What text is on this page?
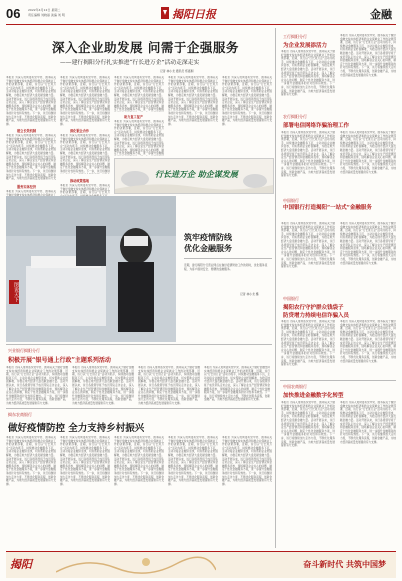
06	2022年4月12日 星期二
责任编辑 刘晓丽 美编 刘 明	揭阳日报	金融
深入企业助发展 问需于企强服务
——建行揭阳分行扎实推进“行长进万企”活动走深走实
记者 林小龙 通讯员 郑嘉桐
本报讯 为深入贯彻落实党中央、国务院关于做好金融支持实体经济和稳企业保就业工作的决策部署，近期，该行以“行长进万企”活动为抓手，持续推动金融服务下沉，主动对接企业融资需求，切实帮助企业纾困解难，为稳定地方经济大盘贡献金融力量。活动开展以来，该行各级领导班子成员带队走访企业，深入了解企业生产经营情况和金融服务需求，现场解答企业关心的问题，制定个性化金融服务方案，进一步提升金融服务的针对性和有效性。下一步，该行将继续加大走访力度，不断优化服务流程，创新金融产品，为地方经济高质量发展提供有力支撑。
建立长效机制
本报讯 为深入贯彻落实党中央、国务院关于做好金融支持实体经济和稳企业保就业工作的决策部署，近期，该行以“行长进万企”活动为抓手，持续推动金融服务下沉，主动对接企业融资需求，切实帮助企业纾困解难，为稳定地方经济大盘贡献金融力量。活动开展以来，该行各级领导班子成员带队走访企业，深入了解企业生产经营情况和金融服务需求，现场解答企业关心的问题，制定个性化金融服务方案，进一步提升金融服务的针对性和有效性。下一步，该行将继续加大走访力度，不断优化服务流程，创新金融产品，为地方经济高质量发展提供有力支
服务实体经济
本报讯 为深入贯彻落实党中央、国务院关
本报讯 为深入贯彻落实党中央、国务院关于做好金融支持实体经济和稳企业保就业工作的决策部署，近期，该行以“行长进万企”活动为抓手，持续推动金融服务下沉，主动对接企业融资需求，切实帮助企业纾困解难，为稳定地方经济大盘贡献金融力量。活动开展以来，该行各级领导班子成员带队走访企业，深入了解企业生产经营情况和金融服务需求，现场解答企业关心的问题，制定个性化金融服务方案，进一步提升金融服务的针对性和有效性。下一步，该行将继续加大走访力度，不断优化服务流程，创新金融产品，为地方经济高质量发展提供有力支撑。
深化银企合作
本报讯 为深入贯彻落实党中央、国务院关于做好金融支持实体经济和稳企业保就业工作的决策部署，近期，该行以“行长进万企”活动为抓手，持续推动金融服务下沉，主动对接企业融资需求，切实帮助企业纾困解难，为稳定地方经济大盘贡献金融力量。活动开展以来，该行各级领导班子成员带队走访企业，深入了解企业生产经营情况和金融服务需求，现场解答企业关心的问题，制定个性化金融服务方案，进一步提升金融服务的针对性和有效性。下一步，该行将继续
推动政策落地
本报讯 为深入贯彻落实党中央、国务院关于做好金融支持实体经济和稳企业保就业工作的决策部署，近期，该行以“行长进万
本报讯 为深入贯彻落实党中央、国务院关于做好金融支持实体经济和稳企业保就业工作的决策部署，近期，该行以“行长进万企”活动为抓手，持续推动金融服务下沉，主动对接企业融资需求，切实帮助企业纾困解难，为稳定地方经济大盘贡献金融力量。活动开展以来，该行各级领导班子成员带队走访企业，深入了解企业生产经营情况和金融服务需求，现场解答企业关心的问题，制定个性化金融服务方案，进一步提升金融服
助力复工复产
本报讯 为深入贯彻落实党中央、国务院关于做好金融支持实体经济和稳企业保就业工作的决策部署，近期，该行以“行长进万企”活动为抓手，持续推动金融服务下沉，主动对接企业融资需求，切实帮助企业纾困解难，为稳定地方经济大盘贡献金融力量。活动开展以来，该行各级领导班子成员带队走访企业，深入了解企业生产经营情况和金融服务需求，现场解答企业关心的问题，制定个性化金融服务方案，进一步提升金融服
本报讯 为深入贯彻落实党中央、国务院关于做好金融支持实体经济和稳企业保就业工作的决策部署，近期，该行以“行长进万企”活动为抓手，持续推动金融服务下沉，主动对接企业融资需求，切实帮助企业纾困解难，为稳定地方经济大盘贡献金融力量。活动开展以来，该行各级领导班子成员带队走访企业，深入了解企业生产经营情况和金融服务需求，现场解答企业关心的问题，制定个性化金融服务方案，进一步提升金融服务的针对性和有效性。下一步，该行将继续加大走访力度，不断优化服务流程，创新金融产品，为地方经济高质量发展提供有力支撑。
本报讯 为深入贯彻落实党中央、国务院关于做好金融支持实体经济和稳企业保就业工作的决策部署，近期，该行以“行长进万企”活动为抓手，持续推动金融服务下沉，主动对接企业融资需求，切实帮助企业纾困解难，为稳定地方经济大盘贡献金融力量。活动开展以来，该行各级领导班子成员带队走访企业，深入了解企业生产经营情况和金融服务需求，现场解答企业关心的问题，制定个性化金融服务方案，进一步提升金融服务的针对性和有效性。下一步，该行将继续加大走访力度，不断优化服务流程，创新金融产品，为地方经济高质量发展提供有力支撑。
行长进万企 助企谋发展
图说天下
筑牢疫情防线
优化金融服务
近期，建行揭阳分行营业网点在做好疫情防控工作的同时，优化服务流程，为客户提供安全、便捷的金融服务。
记者 林小龙 摄
工行揭阳分行
为企业发展添活力
本报讯 为深入贯彻落实党中央、国务院关于做好金融支持实体经济和稳企业保就业工作的决策部署，近期，该行以“行长进万企”活动为抓手，持续推动金融服务下沉，主动对接企业融资需求，切实帮助企业纾困解难，为稳定地方经济大盘贡献金融力量。活动开展以来，该行各级领导班子成员带队走访企业，深入了解企业生产经营情况和金融服务需求，现场解答企业关心的问题，制定个性化金融服务方案，进一步提升金融服务的针对性和有效性。下一步，该行将继续加大走访力度，不断优化服务流程，创新金融产品，为地方经济高质量发展提供有力支撑。
本报讯 为深入贯彻落实党中央、国务院关于做好金融支持实体经济和稳企业保就业工作的决策部署，近期，该行以“行长进万企”活动为抓手，持续推动金融服务下沉，主动对接企业融资需求，切实帮助企业纾困解难，为稳定地方经济大盘贡献金融力量。活动开展以来，该行各级领导班子成员带队走访企业，深入了解企业生产经营情况和金融服务需求，现场解答企业关心的问题，制定个性化金融服务方案，进一步提升金融服务的针对性和有效性。下一步，该行将继续加大走访力度，不断优化服务流程，创新金融产品，为地方经济高质量发展提供有力支撑。
农行揭阳分行
部署电信网络诈骗治理工作
本报讯 为深入贯彻落实党中央、国务院关于做好金融支持实体经济和稳企业保就业工作的决策部署，近期，该行以“行长进万企”活动为抓手，持续推动金融服务下沉，主动对接企业融资需求，切实帮助企业纾困解难，为稳定地方经济大盘贡献金融力量。活动开展以来，该行各级领导班子成员带队走访企业，深入了解企业生产经营情况和金融服务需求，现场解答企业关心的问题，制定个性化金融服务方案，进一步提升金融服务的针对性和有效性。下一步，该行将继续加大走访力度，不断优化服务流程，创新金融产品，为地方经济高质量发展提供有力支撑。
本报讯 为深入贯彻落实党中央、国务院关于做好金融支持实体经济和稳企业保就业工作的决策部署，近期，该行以“行长进万企”活动为抓手，持续推动金融服务下沉，主动对接企业融资需求，切实帮助企业纾困解难，为稳定地方经济大盘贡献金融力量。活动开展以来，该行各级领导班子成员带队走访企业，深入了解企业生产经营情况和金融服务需求，现场解答企业关心的问题，制定个性化金融服务方案，进一步提升金融服务的针对性和有效性。下一步，该行将继续加大走访力度，不断优化服务流程，创新金融产品，为地方经济高质量发展提供有力支撑。
中国银行
中国银行打造揭阳“一站式”金融服务
本报讯 为深入贯彻落实党中央、国务院关于做好金融支持实体经济和稳企业保就业工作的决策部署，近期，该行以“行长进万企”活动为抓手，持续推动金融服务下沉，主动对接企业融资需求，切实帮助企业纾困解难，为稳定地方经济大盘贡献金融力量。活动开展以来，该行各级领导班子成员带队走访企业，深入了解企业生产经营情况和金融服务需求，现场解答企业关心的问题，制定个性化金融服务方案，进一步提升金融服务的针对性和有效性。下一步，该行将继续加大走访力度，不断优化服务流程，创新金融产品，为地方经济高质量发展提供有力支撑。
本报讯 为深入贯彻落实党中央、国务院关于做好金融支持实体经济和稳企业保就业工作的决策部署，近期，该行以“行长进万企”活动为抓手，持续推动金融服务下沉，主动对接企业融资需求，切实帮助企业纾困解难，为稳定地方经济大盘贡献金融力量。活动开展以来，该行各级领导班子成员带队走访企业，深入了解企业生产经营情况和金融服务需求，现场解答企业关心的问题，制定个性化金融服务方案，进一步提升金融服务的针对性和有效性。下一步，该行将继续加大走访力度，不断优化服务流程，创新金融产品，为地方经济高质量发展提供有力支撑。
中国银行
揭阳农行守护群众钱袋子
防贷增力持续电信诈骗入员
本报讯 为深入贯彻落实党中央、国务院关于做好金融支持实体经济和稳企业保就业工作的决策部署，近期，该行以“行长进万企”活动为抓手，持续推动金融服务下沉，主动对接企业融资需求，切实帮助企业纾困解难，为稳定地方经济大盘贡献金融力量。活动开展以来，该行各级领导班子成员带队走访企业，深入了解企业生产经营情况和金融服务需求，现场解答企业关心的问题，制定个性化金融服务方案，进一步提升金融服务的针对性和有效性。下一步，该行将继续加大走访力度，不断优化服务流程，创新金融产品，为地方经济高质量发展提供有力支撑。
本报讯 为深入贯彻落实党中央、国务院关于做好金融支持实体经济和稳企业保就业工作的决策部署，近期，该行以“行长进万企”活动为抓手，持续推动金融服务下沉，主动对接企业融资需求，切实帮助企业纾困解难，为稳定地方经济大盘贡献金融力量。活动开展以来，该行各级领导班子成员带队走访企业，深入了解企业生产经营情况和金融服务需求，现场解答企业关心的问题，制定个性化金融服务方案，进一步提升金融服务的针对性和有效性。下一步，该行将继续加大走访力度，不断优化服务流程，创新金融产品，为地方经济高质量发展提供有力支撑。
中国农商银行
加快推进金融数字化转型
本报讯 为深入贯彻落实党中央、国务院关于做好金融支持实体经济和稳企业保就业工作的决策部署，近期，该行以“行长进万企”活动为抓手，持续推动金融服务下沉，主动对接企业融资需求，切实帮助企业纾困解难，为稳定地方经济大盘贡献金融力量。活动开展以来，该行各级领导班子成员带队走访企业，深入了解企业生产经营情况和金融服务需求，现场解答企业关心的问题，制定个性化金融服务方案，进一步提升金融服务的针对性和有效性。下一步，该行将继续加大走访力度，不断优化服务流程，创新金融产品，为地方经济高质量发展提供有力支撑。
本报讯 为深入贯彻落实党中央、国务院关于做好金融支持实体经济和稳企业保就业工作的决策部署，近期，该行以“行长进万企”活动为抓手，持续推动金融服务下沉，主动对接企业融资需求，切实帮助企业纾困解难，为稳定地方经济大盘贡献金融力量。活动开展以来，该行各级领导班子成员带队走访企业，深入了解企业生产经营情况和金融服务需求，现场解答企业关心的问题，制定个性化金融服务方案，进一步提升金融服务的针对性和有效性。下一步，该行将继续加大走访力度，不断优化服务流程，创新金融产品，为地方经济高质量发展提供有力支撑。
兴业银行揭阳分行
积极开展“银号通上行政”主题系列活动
本报讯 为深入贯彻落实党中央、国务院关于做好金融支持实体经济和稳企业保就业工作的决策部署，近期，该行以“行长进万企”活动为抓手，持续推动金融服务下沉，主动对接企业融资需求，切实帮助企业纾困解难，为稳定地方经济大盘贡献金融力量。活动开展以来，该行各级领导班子成员带队走访企业，深入了解企业生产经营情况和金融服务需求，现场解答企业关心的问题，制定个性化金融服务方案，进一步提升金融服务的针对性和有效性。下一步，该行将继续加大走访力度，不断优化服务流程，创新金融产品，为地方经济高质量发展提供有力支撑。
本报讯 为深入贯彻落实党中央、国务院关于做好金融支持实体经济和稳企业保就业工作的决策部署，近期，该行以“行长进万企”活动为抓手，持续推动金融服务下沉，主动对接企业融资需求，切实帮助企业纾困解难，为稳定地方经济大盘贡献金融力量。活动开展以来，该行各级领导班子成员带队走访企业，深入了解企业生产经营情况和金融服务需求，现场解答企业关心的问题，制定个性化金融服务方案，进一步提升金融服务的针对性和有效性。下一步，该行将继续加大走访力度，不断优化服务流程，创新金融产品，为地方经济高质量发展提供有力支撑。
本报讯 为深入贯彻落实党中央、国务院关于做好金融支持实体经济和稳企业保就业工作的决策部署，近期，该行以“行长进万企”活动为抓手，持续推动金融服务下沉，主动对接企业融资需求，切实帮助企业纾困解难，为稳定地方经济大盘贡献金融力量。活动开展以来，该行各级领导班子成员带队走访企业，深入了解企业生产经营情况和金融服务需求，现场解答企业关心的问题，制定个性化金融服务方案，进一步提升金融服务的针对性和有效性。下一步，该行将继续加大走访力度，不断优化服务流程，创新金融产品，为地方经济高质量发展提供有力支撑。
本报讯 为深入贯彻落实党中央、国务院关于做好金融支持实体经济和稳企业保就业工作的决策部署，近期，该行以“行长进万企”活动为抓手，持续推动金融服务下沉，主动对接企业融资需求，切实帮助企业纾困解难，为稳定地方经济大盘贡献金融力量。活动开展以来，该行各级领导班子成员带队走访企业，深入了解企业生产经营情况和金融服务需求，现场解答企业关心的问题，制定个性化金融服务方案，进一步提升金融服务的针对性和有效性。下一步，该行将继续加大走访力度，不断优化服务流程，创新金融产品，为地方经济高质量发展提供有力支撑。
揭东农商银行
做好疫情防控 全力支持乡村振兴
本报讯 为深入贯彻落实党中央、国务院关于做好金融支持实体经济和稳企业保就业工作的决策部署，近期，该行以“行长进万企”活动为抓手，持续推动金融服务下沉，主动对接企业融资需求，切实帮助企业纾困解难，为稳定地方经济大盘贡献金融力量。活动开展以来，该行各级领导班子成员带队走访企业，深入了解企业生产经营情况和金融服务需求，现场解答企业关心的问题，制定个性化金融服务方案，进一步提升金融服务的针对性和有效性。下一步，该行将继续加大走访力度，不断优化服务流程，创新金融产品，为地方经济高质量发展提供有力支撑。
本报讯 为深入贯彻落实党中央、国务院关于做好金融支持实体经济和稳企业保就业工作的决策部署，近期，该行以“行长进万企”活动为抓手，持续推动金融服务下沉，主动对接企业融资需求，切实帮助企业纾困解难，为稳定地方经济大盘贡献金融力量。活动开展以来，该行各级领导班子成员带队走访企业，深入了解企业生产经营情况和金融服务需求，现场解答企业关心的问题，制定个性化金融服务方案，进一步提升金融服务的针对性和有效性。下一步，该行将继续加大走访力度，不断优化服务流程，创新金融产品，为地方经济高质量发展提供有力支撑。
本报讯 为深入贯彻落实党中央、国务院关于做好金融支持实体经济和稳企业保就业工作的决策部署，近期，该行以“行长进万企”活动为抓手，持续推动金融服务下沉，主动对接企业融资需求，切实帮助企业纾困解难，为稳定地方经济大盘贡献金融力量。活动开展以来，该行各级领导班子成员带队走访企业，深入了解企业生产经营情况和金融服务需求，现场解答企业关心的问题，制定个性化金融服务方案，进一步提升金融服务的针对性和有效性。下一步，该行将继续加大走访力度，不断优化服务流程，创新金融产品，为地方经济高质量发展提供有力支撑。
本报讯 为深入贯彻落实党中央、国务院关于做好金融支持实体经济和稳企业保就业工作的决策部署，近期，该行以“行长进万企”活动为抓手，持续推动金融服务下沉，主动对接企业融资需求，切实帮助企业纾困解难，为稳定地方经济大盘贡献金融力量。活动开展以来，该行各级领导班子成员带队走访企业，深入了解企业生产经营情况和金融服务需求，现场解答企业关心的问题，制定个性化金融服务方案，进一步提升金融服务的针对性和有效性。下一步，该行将继续加大走访力度，不断优化服务流程，创新金融产品，为地方经济高质量发展提供有力支撑。
本报讯 为深入贯彻落实党中央、国务院关于做好金融支持实体经济和稳企业保就业工作的决策部署，近期，该行以“行长进万企”活动为抓手，持续推动金融服务下沉，主动对接企业融资需求，切实帮助企业纾困解难，为稳定地方经济大盘贡献金融力量。活动开展以来，该行各级领导班子成员带队走访企业，深入了解企业生产经营情况和金融服务需求，现场解答企业关心的问题，制定个性化金融服务方案，进一步提升金融服务的针对性和有效性。下一步，该行将继续加大走访力度，不断优化服务流程，创新金融产品，为地方经济高质量发展提供有力支撑。
揭阳	奋斗新时代 共筑中国梦
